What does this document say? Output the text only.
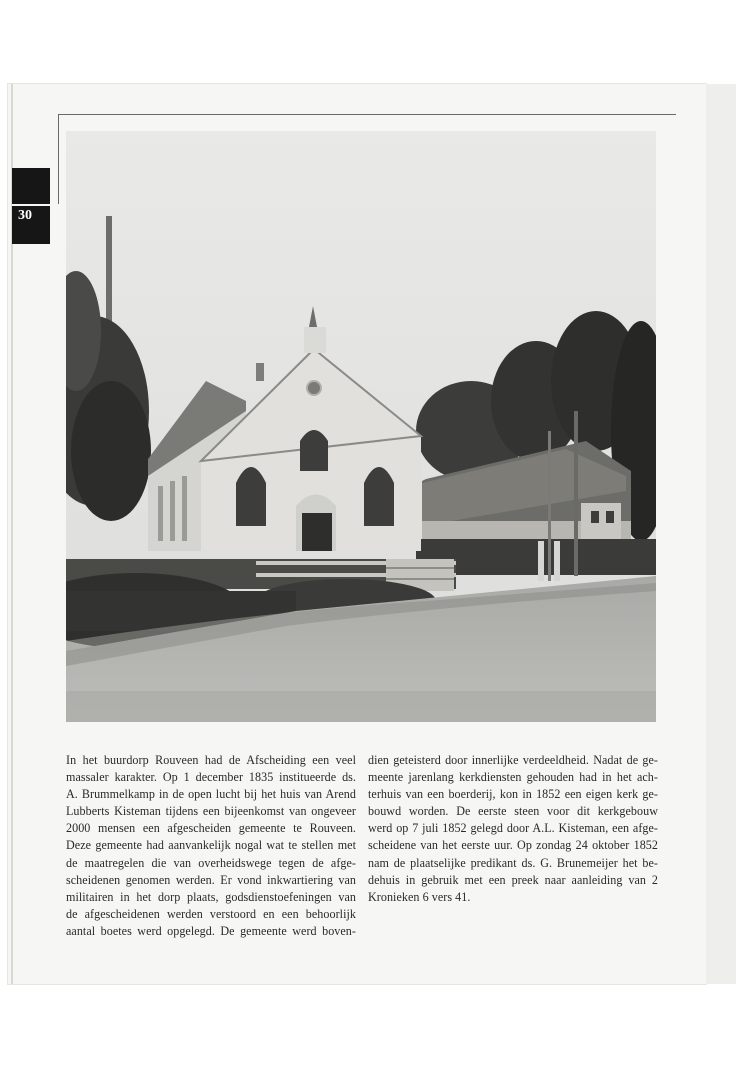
30
In het buurdorp Rouveen had de Afscheiding een veel
massaler karakter. Op 1 december 1835 institueerde ds.
A. Brummelkamp in de open lucht bij het huis van Arend
Lubberts Kisteman tijdens een bijeenkomst van ongeveer
2000 mensen een afgescheiden gemeente te Rouveen.
Deze gemeente had aanvankelijk nogal wat te stellen met
de maatregelen die van overheidswege tegen de afge-
scheidenen genomen werden. Er vond inkwartiering van
militairen in het dorp plaats, godsdienstoefeningen van
de afgescheidenen werden verstoord en een behoorlijk
aantal boetes werd opgelegd. De gemeente werd boven-
dien geteisterd door innerlijke verdeeldheid. Nadat de ge-
meente jarenlang kerkdiensten gehouden had in het ach-
terhuis van een boerderij, kon in 1852 een eigen kerk ge-
bouwd worden. De eerste steen voor dit kerkgebouw
werd op 7 juli 1852 gelegd door A.L. Kisteman, een afge-
scheidene van het eerste uur. Op zondag 24 oktober 1852
nam de plaatselijke predikant ds. G. Brunemeijer het be-
dehuis in gebruik met een preek naar aanleiding van 2
Kronieken 6 vers 41.
